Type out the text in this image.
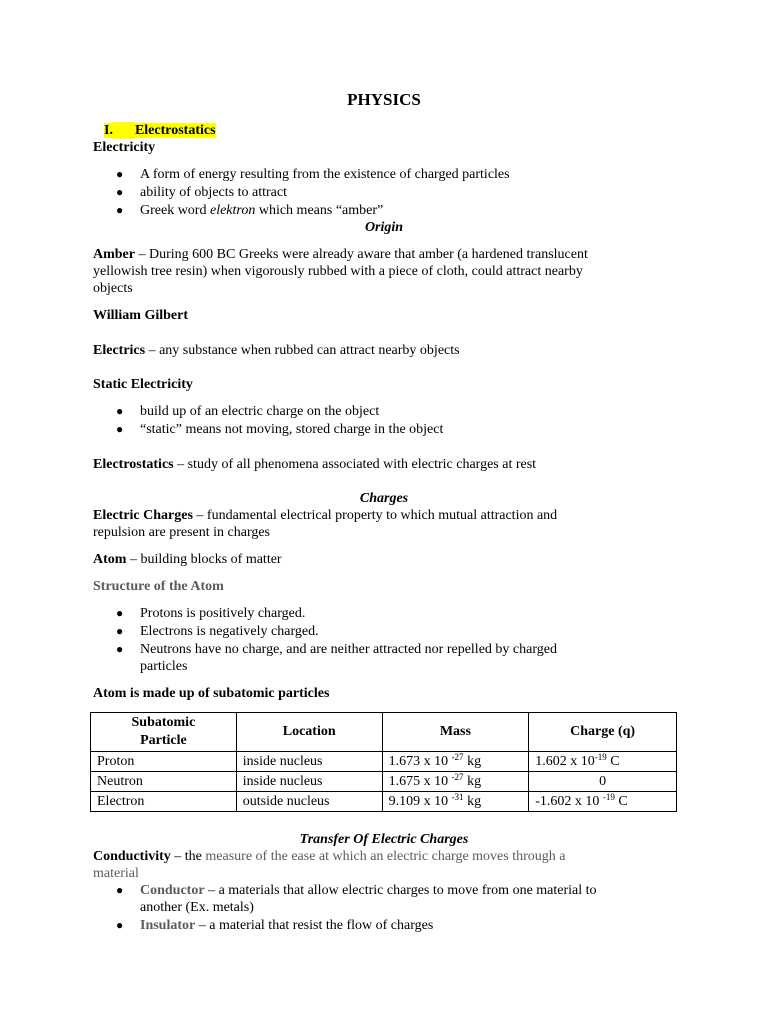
PHYSICS
I. Electrostatics
Electricity
● A form of energy resulting from the existence of charged particles
● ability of objects to attract
● Greek word elektron which means “amber”
Origin
Amber – During 600 BC Greeks were already aware that amber (a hardened translucent
yellowish tree resin) when vigorously rubbed with a piece of cloth, could attract nearby
objects
William Gilbert
Electrics – any substance when rubbed can attract nearby objects
Static Electricity
● build up of an electric charge on the object
● “static” means not moving, stored charge in the object
Electrostatics – study of all phenomena associated with electric charges at rest
Charges
Electric Charges – fundamental electrical property to which mutual attraction and
repulsion are present in charges
Atom – building blocks of matter
Structure of the Atom
● Protons is positively charged.
● Electrons is negatively charged.
● Neutrons have no charge, and are neither attracted nor repelled by charged
particles
Atom is made up of subatomic particles
Subatomic
Particle	Location	Mass	Charge (q)
Proton	inside nucleus	1.673 x 10 $^{-27}$ kg	1.602 x $10^{-19}$ C
Neutron	inside nucleus	1.675 x 10 $^{-27}$ kg	0
Electron	outside nucleus	9.109 x 10 $^{-31}$ kg	-1.602 x 10 $^{-19}$ C
Transfer Of Electric Charges
Conductivity – the measure of the ease at which an electric charge moves through a
material
● Conductor – a materials that allow electric charges to move from one material to
another (Ex. metals)
● Insulator – a material that resist the flow of charges
